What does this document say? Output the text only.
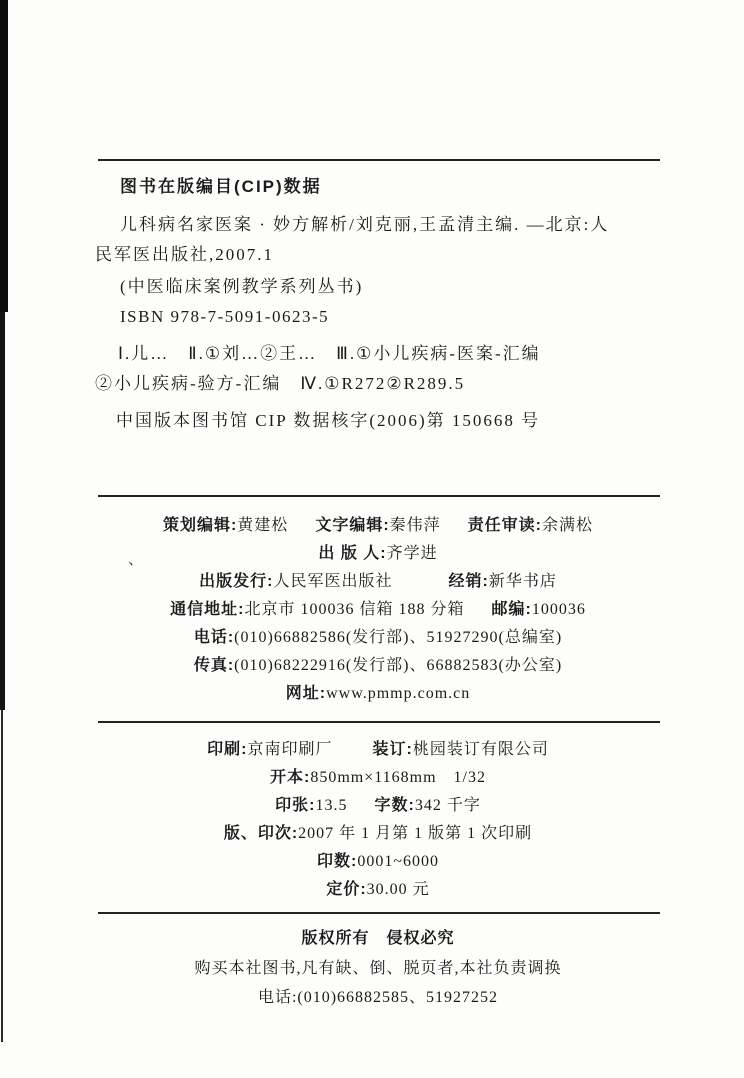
图书在版编目(CIP)数据
儿科病名家医案 · 妙方解析/刘克丽,王孟清主编. —北京:人
民军医出版社,2007.1
(中医临床案例教学系列丛书)
ISBN 978-7-5091-0623-5
Ⅰ.儿…　Ⅱ.①刘…②王…　Ⅲ.①小儿疾病-医案-汇编
②小儿疾病-验方-汇编　Ⅳ.①R272②R289.5
中国版本图书馆 CIP 数据核字(2006)第 150668 号
、
策划编辑:黄建松 文字编辑:秦伟萍 责任审读:余满松
出 版 人:齐学进
出版发行:人民军医出版社	经销:新华书店
通信地址:北京市 100036 信箱 188 分箱 邮编:100036
电话:(010)66882586(发行部)、51927290(总编室)
传真:(010)68222916(发行部)、66882583(办公室)
网址:www.pmmp.com.cn
印刷:京南印刷厂	装订:桃园装订有限公司
开本:850mm×1168mm　1/32
印张:13.5 字数:342 千字
版、印次:2007 年 1 月第 1 版第 1 次印刷
印数:0001~6000
定价:30.00 元
版权所有　侵权必究
购买本社图书,凡有缺、倒、脱页者,本社负责调换
电话:(010)66882585、51927252
